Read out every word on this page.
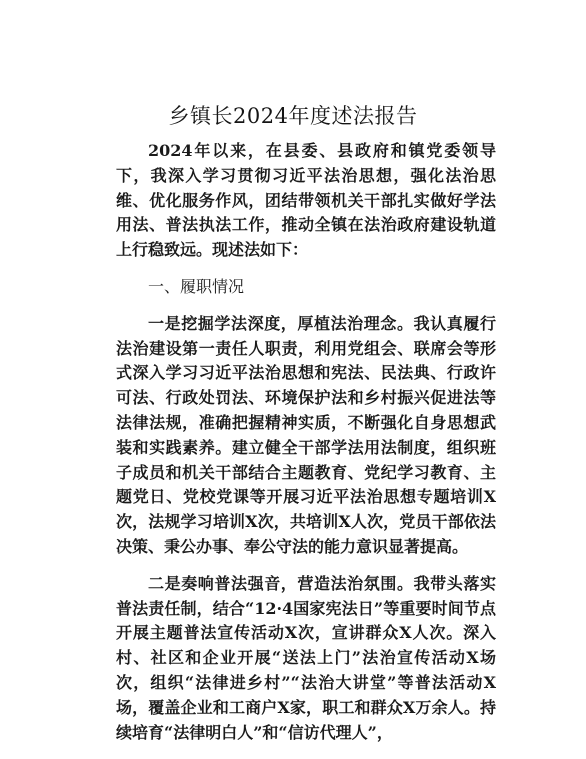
乡镇长2024年度述法报告

2024年以来，在县委、县政府和镇党委领导下，我深入学习贯彻习近平法治思想，强化法治思维、优化服务作风，团结带领机关干部扎实做好学法用法、普法执法工作，推动全镇在法治政府建设轨道上行稳致远。现述法如下：

一、履职情况

一是挖掘学法深度，厚植法治理念。我认真履行法治建设第一责任人职责，利用党组会、联席会等形式深入学习习近平法治思想和宪法、民法典、行政许可法、行政处罚法、环境保护法和乡村振兴促进法等法律法规，准确把握精神实质，不断强化自身思想武装和实践素养。建立健全干部学法用法制度，组织班子成员和机关干部结合主题教育、党纪学习教育、主题党日、党校党课等开展习近平法治思想专题培训X次，法规学习培训X次，共培训X人次，党员干部依法决策、秉公办事、奉公守法的能力意识显著提高。

二是奏响普法强音，营造法治氛围。我带头落实普法责任制，结合“12·4国家宪法日”等重要时间节点开展主题普法宣传活动X次，宣讲群众X人次。深入村、社区和企业开展“送法上门”法治宣传活动X场次，组织“法律进乡村”“法治大讲堂”等普法活动X场，覆盖企业和工商户X家，职工和群众X万余人。持续培育“法律明白人”和“信访代理人”，
